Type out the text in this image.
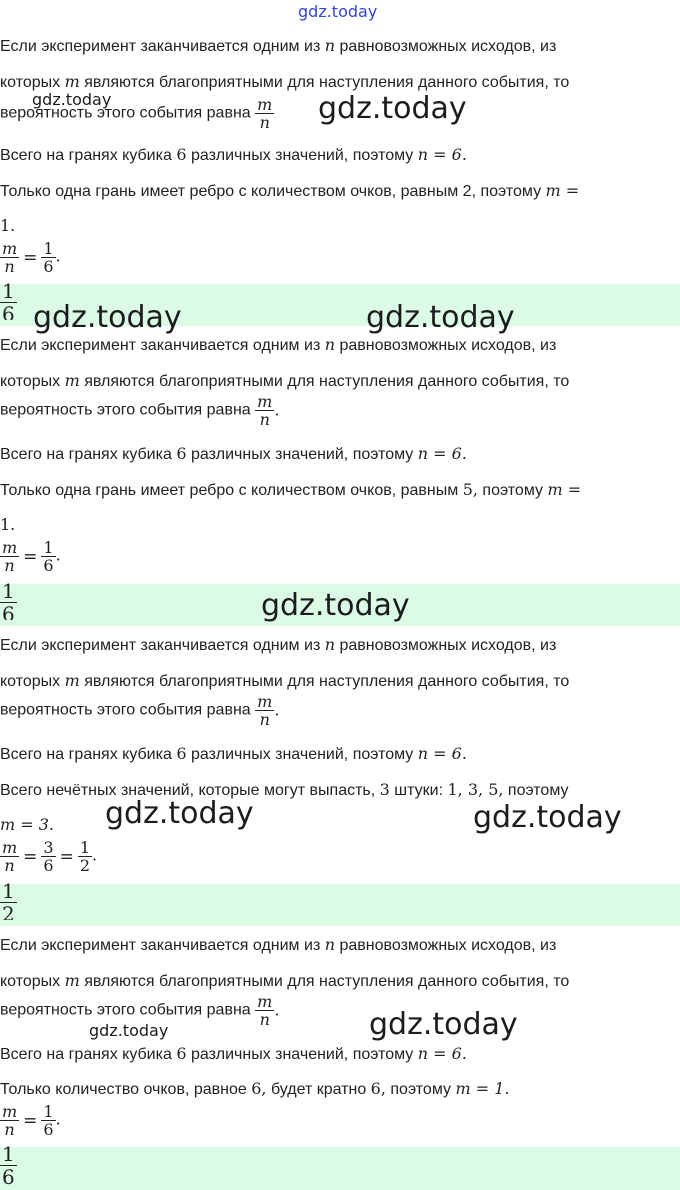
gdz.today
Если эксперимент заканчивается одним из n равновозможных исходов, из
которых m являются благоприятными для наступления данного события, то
вероятность этого события равна $\frac{m}{n}$
gdz.today	gdz.today
Всего на гранях кубика 6 различных значений, поэтому n = 6.
Только одна грань имеет ребро с количеством очков, равным 2, поэтому m =
1.
$\frac{m}{n} = \frac{1}{6}$ .
$\frac{1}{6}$ gdz.today	gdz.today
Если эксперимент заканчивается одним из n равновозможных исходов, из
которых m являются благоприятными для наступления данного события, то
вероятность этого события равна $\frac{m}{n}$ .
Всего на гранях кубика 6 различных значений, поэтому n = 6.
Только одна грань имеет ребро с количеством очков, равным 5, поэтому m =
1.
$\frac{m}{n} = \frac{1}{6}$ .
$\frac{1}{6}$	gdz.today
Если эксперимент заканчивается одним из n равновозможных исходов, из
которых m являются благоприятными для наступления данного события, то
вероятность этого события равна $\frac{m}{n}$ .
Всего на гранях кубика 6 различных значений, поэтому n = 6.
Всего нечётных значений, которые могут выпасть, 3 штуки: 1, 3, 5, поэтому
m = 3. gdz.today	gdz.today
$\frac{m}{n} = \frac{3}{6} = \frac{1}{2}$ .
$\frac{1}{2}$
Если эксперимент заканчивается одним из n равновозможных исходов, из
которых m являются благоприятными для наступления данного события, то
вероятность этого события равна $\frac{m}{n}$ .
gdz.today	gdz.today
Всего на гранях кубика 6 различных значений, поэтому n = 6.
Только количество очков, равное 6, будет кратно 6, поэтому m = 1.
$\frac{m}{n} = \frac{1}{6}$ .
$\frac{1}{6}$
